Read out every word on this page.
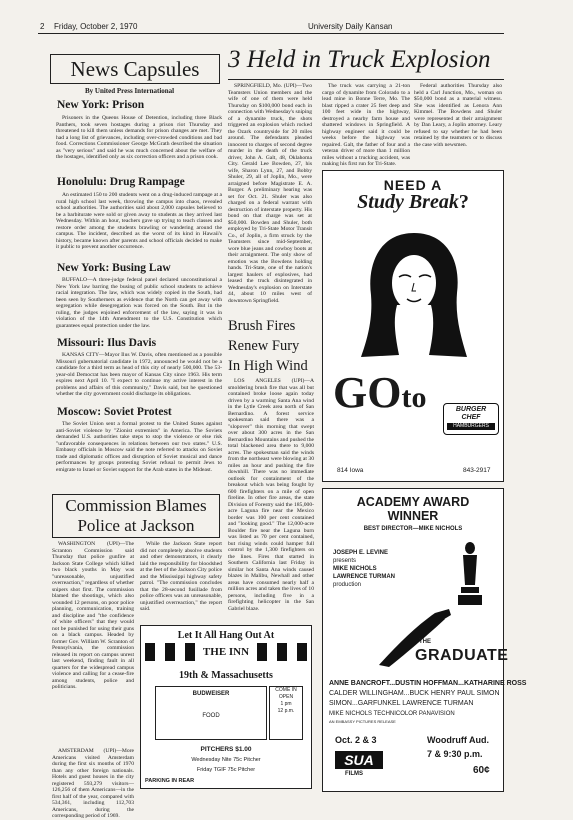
2 Friday, October 2, 1970	University Daily Kansan
News Capsules
By United Press International
New York: Prison

Prisoners in the Queens House of Detention, including three Black Panthers, took seven hostages during a prison riot Thursday and threatened to kill them unless demands for prison changes are met. They had a long list of grievances, including over-crowded conditions and bad food. Corrections Commissioner George McGrath described the situation as "very serious" and said he was much concerned about the welfare of the hostages, identified only as six correction officers and a prison cook.

Honolulu: Drug Rampage

An estimated 150 to 200 students went on a drug-induced rampage at a rural high school last week, throwing the campus into chaos, revealed school authorities. The authorities said about 2,000 capsules believed to be a barbiturate were sold or given away to students as they arrived last Wednesday. Within an hour, teachers gave up trying to teach classes and restore order among the students brawling or wandering around the campus. The incident, described as the worst of its kind in Hawaii's history, became known after parents and school officials decided to make it public to prevent another occurrence.

New York: Busing Law

BUFFALO—A three-judge federal panel declared unconstitutional a New York law barring the busing of public school students to achieve racial integration. The law, which was widely copied in the South, had been seen by Southerners as evidence that the North can get away with segregation while desegregation was forced on the South. But in the ruling, the judges enjoined enforcement of the law, saying it was in violation of the 14th Amendment to the U.S. Constitution which guarantees equal protection under the law.

Missouri: Ilus Davis

KANSAS CITY—Mayor Ilus W. Davis, often mentioned as a possible Missouri gubernatorial candidate in 1972, announced he would not be a candidate for a third term as head of this city of nearly 500,000. The 53-year-old Democrat has been mayor of Kansas City since 1963. His term expires next April 10. "I expect to continue my active interest in the problems and affairs of this community," Davis said, but he questioned whether the city government could discharge its obligations.

Moscow: Soviet Protest

The Soviet Union sent a formal protest to the United States against anti-Soviet violence by "Zionist extremists" in America. The Soviets demanded U.S. authorities take steps to stop the violence or else risk "unfavorable consequences in relations between our two states." U.S. Embassy officials in Moscow said the note referred to attacks on Soviet trade and diplomatic offices and disruption of Soviet musical and dance performances by groups protesting Soviet refusal to permit Jews to emigrate to Israel or Soviet support for the Arab states in the Mideast.

Commission Blames
Police at Jackson

WASHINGTON (UPI)—The Scranton Commission said Thursday that police gunfire at Jackson State College which killed two black youths in May was "unreasonable, unjustified overreaction," regardless of whether snipers shot first. The commission blamed the shootings, which also wounded 12 persons, on poor police planning, communication, training and discipline and "the confidence of white officers" that they would not be punished for using their guns on a black campus. Headed by former Gov. William W. Scranton of Pennsylvania, the commission released its report on campus unrest last weekend, finding fault in all quarters for the widespread campus violence and calling for a cease-fire among students, police and politicians.

While the Jackson State report did not completely absolve students and other demonstrators, it clearly laid the responsibility for bloodshed at the feet of the Jackson City police and the Mississippi highway safety patrol. "The commission concludes that the 28-second fusillade from police officers was an unreasonable, unjustified overreaction," the report said.

AMSTERDAM (UPI)—More Americans visited Amsterdam during the first six months of 1970 than any other foreign nationals. Hotels and guest houses in the city registered 593,279 visitors—126,256 of them Americans—in the first half of the year, compared with 534,361, including 112,703 Americans, during the corresponding period of 1969.

Let It All Hang Out At
THE INN
19th & Massachusetts
BUDWEISER
FOOD
COME IN
OPEN
1 pm
12 p.m.
PITCHERS $1.00
Wednesday Nite 75c Pitcher
Friday TGIF 75c Pitcher
PARKING IN REAR
3 Held in Truck Explosion

SPRINGFIELD, Mo. (UPI)—Two Teamsters Union members and the wife of one of them were held Thursday on $100,000 bond each in connection with Wednesday's sniping of a dynamite truck, the shots triggered an explosion which rocked the Ozark countryside for 20 miles around. The defendants pleaded innocent to charges of second degree murder in the death of the truck driver, John A. Galt, 48, Oklahoma City. Gerald Lee Bowden, 27, his wife, Sharon Lynn, 27, and Bobby Shuler, 29, all of Joplin, Mo., were arraigned before Magistrate E. A. Burger. A preliminary hearing was set for Oct. 21. Shuler was also charged on a federal warrant with destruction of interstate property. His bond on that charge was set at $50,000. Bowden and Shuler, both employed by Tri-State Motor Transit Co., of Joplin, a firm struck by the Teamsters since mid-September, wore blue jeans and cowboy boots at their arraignment. The only show of emotion was the Bowdens holding hands. Tri-State, one of the nation's largest haulers of explosives, had leased the truck disintegrated in Wednesday's explosion on Interstate 44, about 10 miles west of downtown Springfield.

The truck was carrying a 21-ton cargo of dynamite from Colorado to a lead mine in Bonne Terre, Mo. The blast ripped a crater 25 feet deep and 100 feet wide in the highway, destroyed a nearby farm house and shattered windows in Springfield. A highway engineer said it could be weeks before the highway was repaired. Galt, the father of four and a veteran driver of more than 1 million miles without a trucking accident, was making his first run for Tri-State.

Federal authorities Thursday also held a Carl Junction, Mo., woman on $50,000 bond as a material witness. She was identified as Lenora Ann Kimmel. The Bowdens and Shuler were represented at their arraignment by Dan Leary, a Joplin attorney. Leary refused to say whether he had been retained by the teamsters or to discuss the case with newsmen.

Brush Fires
Renew Fury
In High Wind

LOS ANGELES (UPI)—A smoldering brush fire that was all but contained broke loose again today driven by a warming Santa Ana wind in the Lytle Creek area north of San Bernardino. A forest service spokesman said there was a "slopover" this morning that swept over about 300 acres in the San Bernardino Mountains and pushed the total blackened area there to 9,000 acres. The spokesman said the winds from the northeast were blowing at 30 miles an hour and pushing the fire downhill. There was no immediate outlook for containment of the breakout which was being fought by 600 firefighters on a mile of open fireline. In other fire areas, the state Division of Forestry said the 185,000-acre Laguna fire near the Mexico border was 100 per cent contained and "looking good." The 12,000-acre Boulder fire near the Laguna burn was listed as 70 per cent contained, but rising winds could hamper full control by the 1,300 firefighters on the lines. Fires that started in Southern California last Friday in similar hot Santa Ana winds caused blazes in Malibu, Newhall and other areas have consumed nearly half a million acres and taken the lives of 10 persons, including five in a firefighting helicopter in the San Gabriel blaze.

NEED A
Study Break?
GOto	BURGER
CHEF
HAMBURGERS
814 Iowa	843-2917
ACADEMY AWARD
WINNER
BEST DIRECTOR—MIKE NICHOLS
JOSEPH E. LEVINE
presents
MIKE NICHOLS
LAWRENCE TURMAN
production
THE
GRADUATE
ANNE BANCROFT...DUSTIN HOFFMAN...KATHARINE ROSS
CALDER WILLINGHAM...BUCK HENRY PAUL SIMON
SIMON...GARFUNKEL LAWRENCE TURMAN
MIKE NICHOLS TECHNICOLOR PANAVISION
AN EMBASSY PICTURES RELEASE
Oct. 2 & 3	Woodruff Aud.
7 & 9:30 p.m.
SUA
FILMS	60¢
